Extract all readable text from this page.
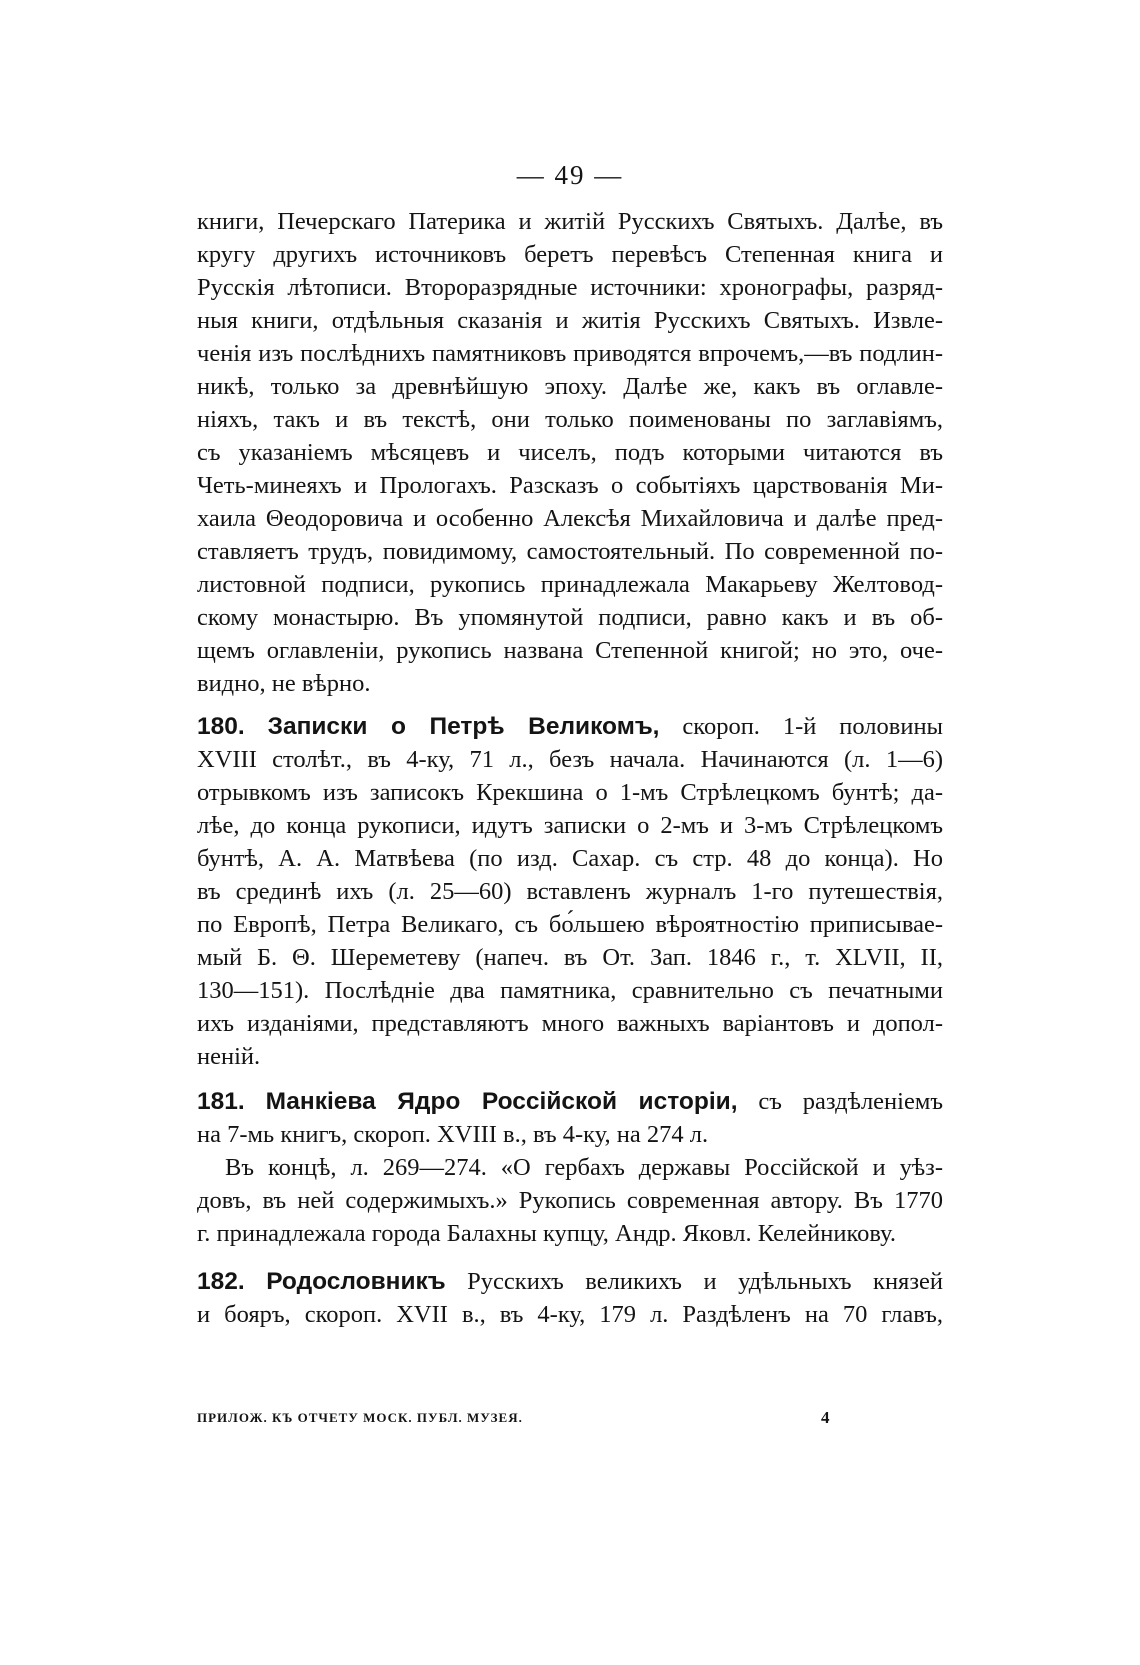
— 49 —
книги, Печерскаго Патерика и житій Русскихъ Святыхъ. Далѣе, въ
кругу другихъ источниковъ беретъ перевѣсъ Степенная книга и
Русскія лѣтописи. Второразрядные источники: хронографы, разряд-
ныя книги, отдѣльныя сказанія и житія Русскихъ Святыхъ. Извле-
ченія изъ послѣднихъ памятниковъ приводятся впрочемъ,—въ подлин-
никѣ, только за древнѣйшую эпоху. Далѣе же, какъ въ оглавле-
ніяхъ, такъ и въ текстѣ, они только поименованы по заглавіямъ,
съ указаніемъ мѣсяцевъ и чиселъ, подъ которыми читаются въ
Четь-минеяхъ и Прологахъ. Разсказъ о событіяхъ царствованія Ми-
хаила Θеодоровича и особенно Алексѣя Михайловича и далѣе пред-
ставляетъ трудъ, повидимому, самостоятельный. По современной по-
листовной подписи, рукопись принадлежала Макарьеву Желтовод-
скому монастырю. Въ упомянутой подписи, равно какъ и въ об-
щемъ оглавленіи, рукопись названа Степенной книгой; но это, оче-
видно, не вѣрно.
180. Записки о Петрѣ Великомъ, скороп. 1-й половины
XVIII столѣт., въ 4-ку, 71 л., безъ начала. Начинаются (л. 1—6)
отрывкомъ изъ записокъ Крекшина о 1-мъ Стрѣлецкомъ бунтѣ; да-
лѣе, до конца рукописи, идутъ записки о 2-мъ и 3-мъ Стрѣлецкомъ
бунтѣ, А. А. Матвѣева (по изд. Сахар. съ стр. 48 до конца). Но
въ срединѣ ихъ (л. 25—60) вставленъ журналъ 1-го путешествія,
по Европѣ, Петра Великаго, съ бо́льшею вѣроятностію приписывае-
мый Б. Θ. Шереметеву (напеч. въ От. Зап. 1846 г., т. XLVII, II,
130—151). Послѣдніе два памятника, сравнительно съ печатными
ихъ изданіями, представляютъ много важныхъ варіантовъ и допол-
неній.
181. Манкіева Ядро Россійской исторіи, съ раздѣленіемъ
на 7-мь книгъ, скороп. XVIII в., въ 4-ку, на 274 л.
Въ концѣ, л. 269—274. «О гербахъ державы Россійской и уѣз-
довъ, въ ней содержимыхъ.» Рукопись современная автору. Въ 1770
г. принадлежала города Балахны купцу, Андр. Яковл. Келейникову.
182. Родословникъ Русскихъ великихъ и удѣльныхъ князей
и бояръ, скороп. XVII в., въ 4-ку, 179 л. Раздѣленъ на 70 главъ,
ПРИЛОЖ. КЪ ОТЧЕТУ МОСК. ПУБЛ. МУЗЕЯ.	4
